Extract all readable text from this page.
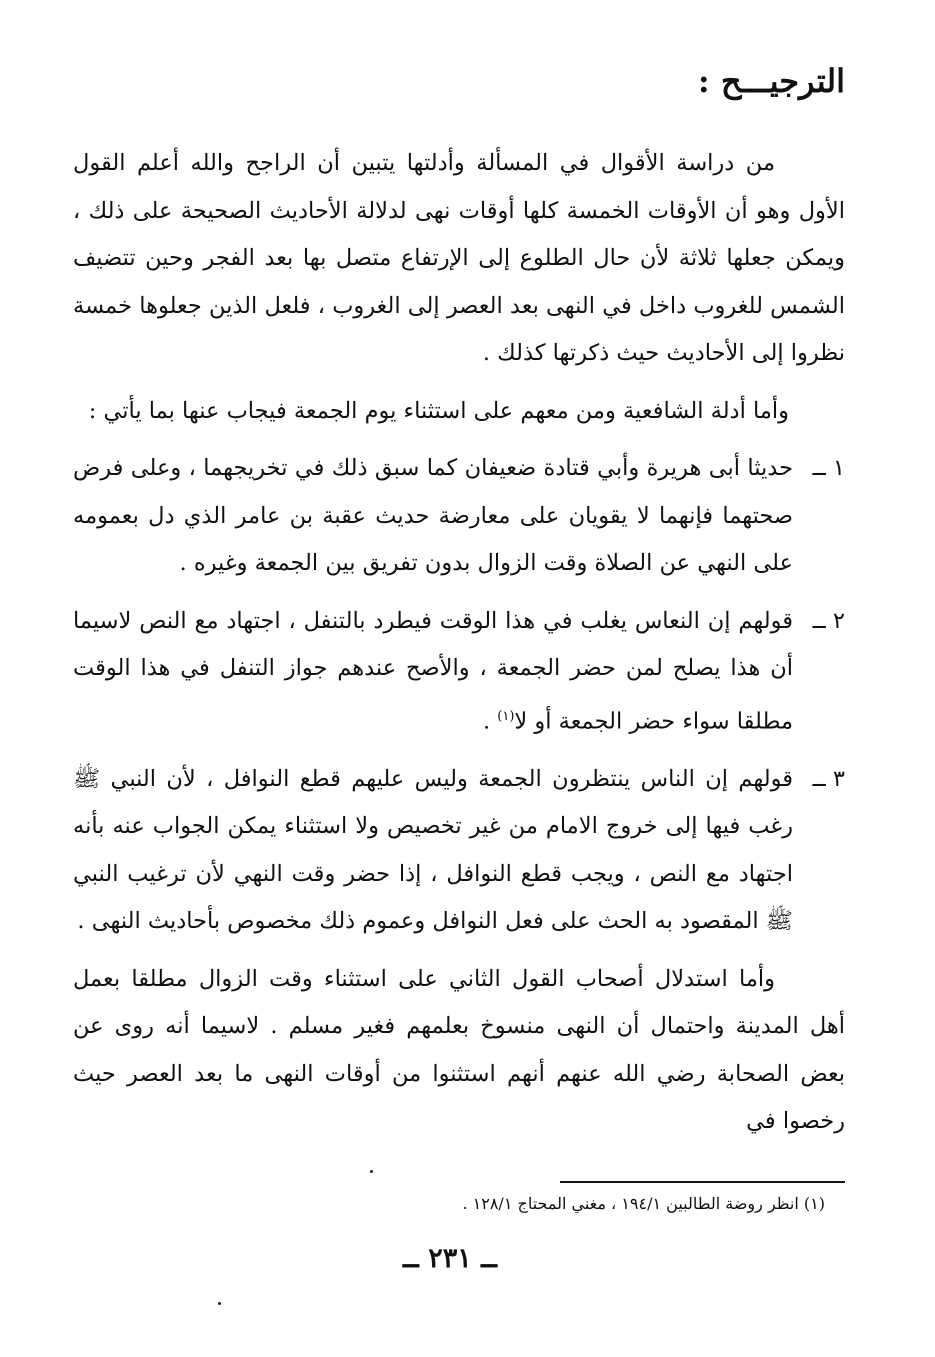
الترجيـــح :

من دراسة الأقوال في المسألة وأدلتها يتبين أن الراجح والله أعلم القول الأول وهو أن الأوقات الخمسة كلها أوقات نهى لدلالة الأحاديث الصحيحة على ذلك ، ويمكن جعلها ثلاثة لأن حال الطلوع إلى الإرتفاع متصل بها بعد الفجر وحين تتضيف الشمس للغروب داخل في النهى بعد العصر إلى الغروب ، فلعل الذين جعلوها خمسة نظروا إلى الأحاديث حيث ذكرتها كذلك .

وأما أدلة الشافعية ومن معهم على استثناء يوم الجمعة فيجاب عنها بما يأتي :

١ ــ
حديثا أبى هريرة وأبي قتادة ضعيفان كما سبق ذلك في تخريجهما ، وعلى فرض صحتهما فإنهما لا يقويان على معارضة حديث عقبة بن عامر الذي دل بعمومه على النهي عن الصلاة وقت الزوال بدون تفريق بين الجمعة وغيره .
٢ ــ
قولهم إن النعاس يغلب في هذا الوقت فيطرد بالتنفل ، اجتهاد مع النص لاسيما أن هذا يصلح لمن حضر الجمعة ، والأصح عندهم جواز التنفل في هذا الوقت مطلقا سواء حضر الجمعة أو لا$^{(١)}$ .
٣ ــ
قولهم إن الناس ينتظرون الجمعة وليس عليهم قطع النوافل ، لأن النبي ﷺ رغب فيها إلى خروج الامام من غير تخصيص ولا استثناء يمكن الجواب عنه بأنه اجتهاد مع النص ، ويجب قطع النوافل ، إذا حضر وقت النهي لأن ترغيب النبي ﷺ المقصود به الحث على فعل النوافل وعموم ذلك مخصوص بأحاديث النهى .

وأما استدلال أصحاب القول الثاني على استثناء وقت الزوال مطلقا بعمل أهل المدينة واحتمال أن النهى منسوخ بعلمهم فغير مسلم . لاسيما أنه روى عن بعض الصحابة رضي الله عنهم أنهم استثنوا من أوقات النهى ما بعد العصر حيث رخصوا في

(١) انظر روضة الطالبين ١٩٤/١ ، مغني المحتاج ١٢٨/١ .
ــ ٢٣١ ــ
